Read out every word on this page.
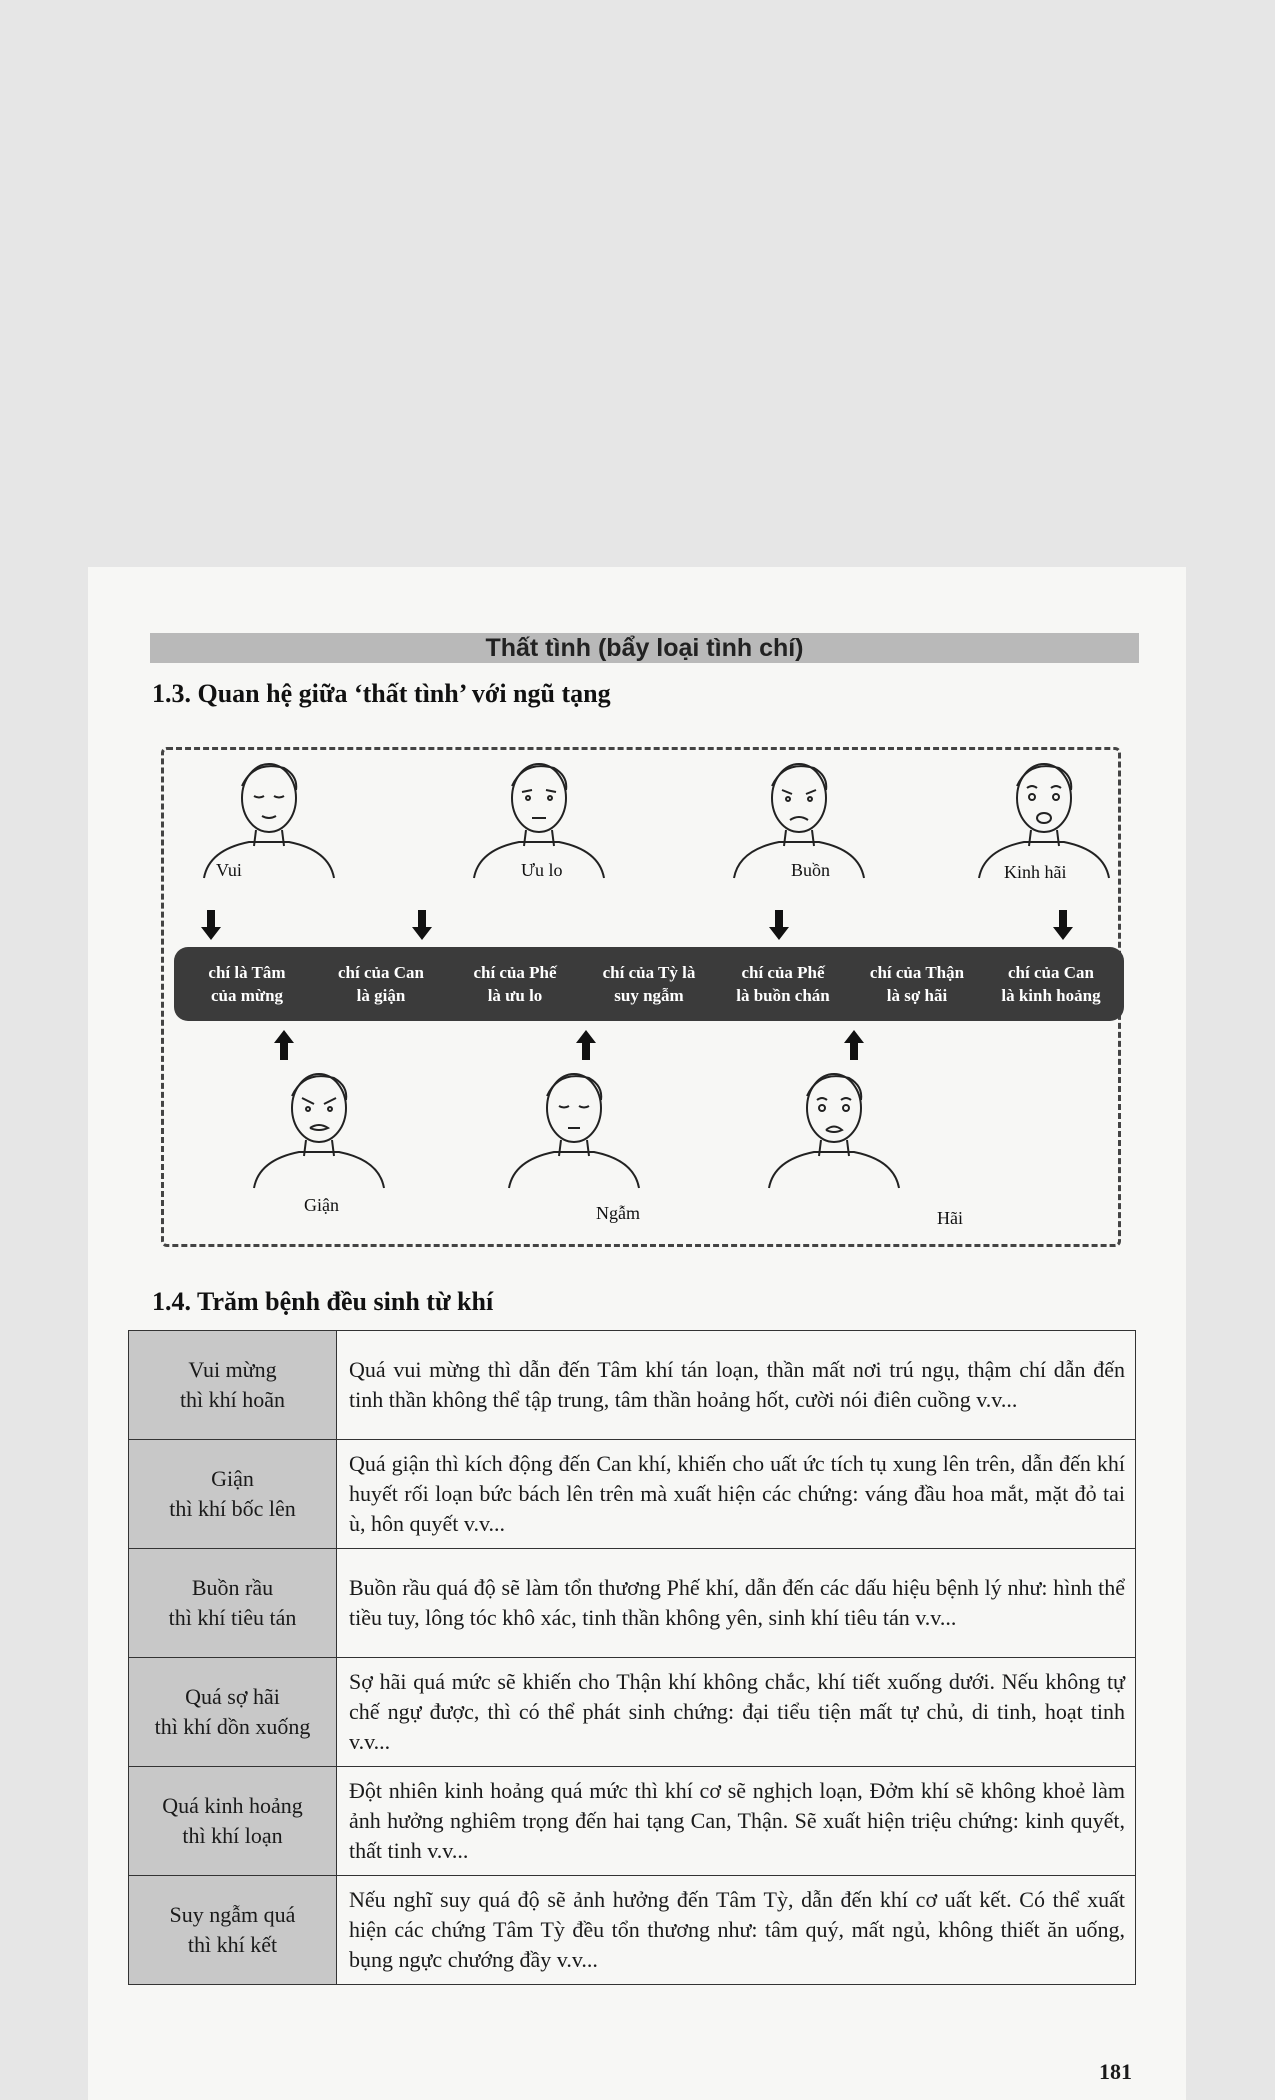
Thất tình (bẩy loại tình chí)
1.3. Quan hệ giữa ‘thất tình’ với ngũ tạng
Vui	Ưu lo	Buồn	Kinh hãi
chí là Tâm
của mừng
chí của Can
là giận
chí của Phế
là ưu lo
chí của Tỳ là
suy ngẫm
chí của Phế
là buồn chán
chí của Thận
là sợ hãi
chí của Can
là kinh hoảng
Giận	Ngẫm	Hãi
1.4. Trăm bệnh đều sinh từ khí
Vui mừng
thì khí hoãn	Quá vui mừng thì dẫn đến Tâm khí tán loạn, thần mất nơi trú ngụ, thậm chí dẫn đến tinh thần không thể tập trung, tâm thần hoảng hốt, cười nói điên cuồng v.v...

Giận
thì khí bốc lên	Quá giận thì kích động đến Can khí, khiến cho uất ức tích tụ xung lên trên, dẫn đến khí huyết rối loạn bức bách lên trên mà xuất hiện các chứng: váng đầu hoa mắt, mặt đỏ tai ù, hôn quyết v.v...

Buồn rầu
thì khí tiêu tán	Buồn rầu quá độ sẽ làm tổn thương Phế khí, dẫn đến các dấu hiệu bệnh lý như: hình thể tiều tuy, lông tóc khô xác, tinh thần không yên, sinh khí tiêu tán v.v...

Quá sợ hãi
thì khí dồn xuống	Sợ hãi quá mức sẽ khiến cho Thận khí không chắc, khí tiết xuống dưới. Nếu không tự chế ngự được, thì có thể phát sinh chứng: đại tiểu tiện mất tự chủ, di tinh, hoạt tinh v.v...

Quá kinh hoảng
thì khí loạn	Đột nhiên kinh hoảng quá mức thì khí cơ sẽ nghịch loạn, Đởm khí sẽ không khoẻ làm ảnh hưởng nghiêm trọng đến hai tạng Can, Thận. Sẽ xuất hiện triệu chứng: kinh quyết, thất tinh v.v...

Suy ngẫm quá
thì khí kết	Nếu nghĩ suy quá độ sẽ ảnh hưởng đến Tâm Tỳ, dẫn đến khí cơ uất kết. Có thể xuất hiện các chứng Tâm Tỳ đều tổn thương như: tâm quý, mất ngủ, không thiết ăn uống, bụng ngực chướng đầy v.v...
181
